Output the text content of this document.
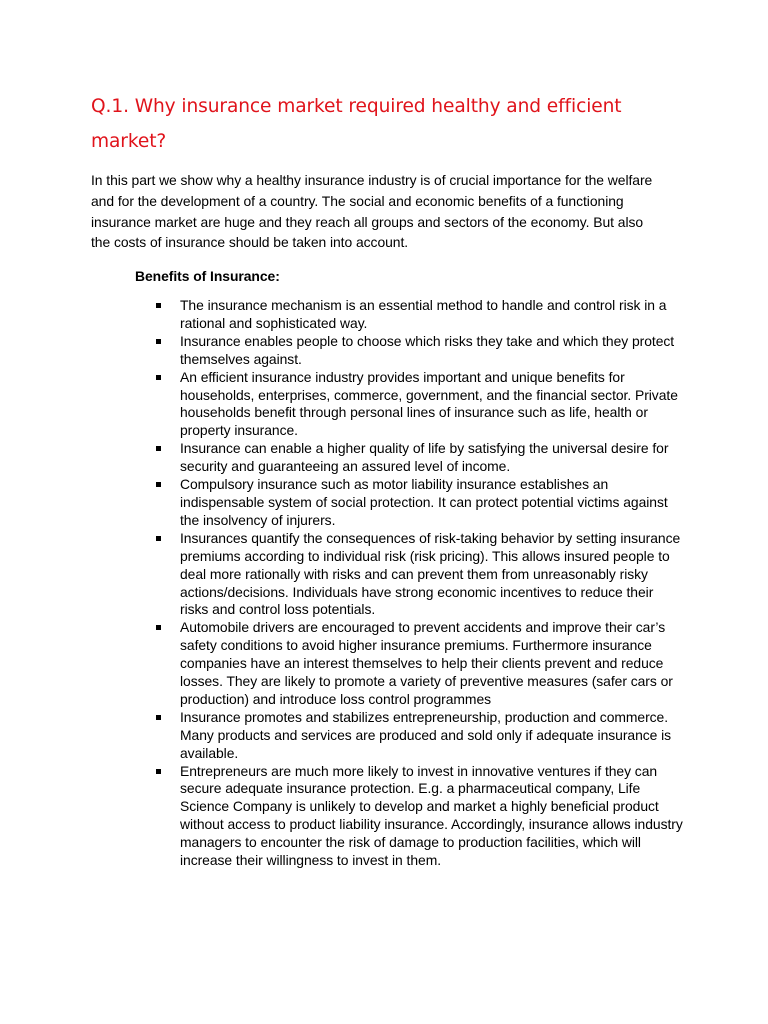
Q.1. Why insurance market required healthy and efficient market?

In this part we show why a healthy insurance industry is of crucial importance for the welfare and for the development of a country. The social and economic benefits of a functioning insurance market are huge and they reach all groups and sectors of the economy. But also the costs of insurance should be taken into account.

Benefits of Insurance:
The insurance mechanism is an essential method to handle and control risk in a rational and sophisticated way.
Insurance enables people to choose which risks they take and which they protect themselves against.
An efficient insurance industry provides important and unique benefits for households, enterprises, commerce, government, and the financial sector. Private households benefit through personal lines of insurance such as life, health or property insurance.
Insurance can enable a higher quality of life by satisfying the universal desire for security and guaranteeing an assured level of income.
Compulsory insurance such as motor liability insurance establishes an indispensable system of social protection. It can protect potential victims against the insolvency of injurers.
Insurances quantify the consequences of risk-taking behavior by setting insurance premiums according to individual risk (risk pricing). This allows insured people to deal more rationally with risks and can prevent them from unreasonably risky actions/decisions. Individuals have strong economic incentives to reduce their risks and control loss potentials.
Automobile drivers are encouraged to prevent accidents and improve their car’s safety conditions to avoid higher insurance premiums. Furthermore insurance companies have an interest themselves to help their clients prevent and reduce losses. They are likely to promote a variety of preventive measures (safer cars or production) and introduce loss control programmes
Insurance promotes and stabilizes entrepreneurship, production and commerce. Many products and services are produced and sold only if adequate insurance is available.
Entrepreneurs are much more likely to invest in innovative ventures if they can secure adequate insurance protection. E.g. a pharmaceutical company, Life Science Company is unlikely to develop and market a highly beneficial product without access to product liability insurance. Accordingly, insurance allows industry managers to encounter the risk of damage to production facilities, which will increase their willingness to invest in them.
